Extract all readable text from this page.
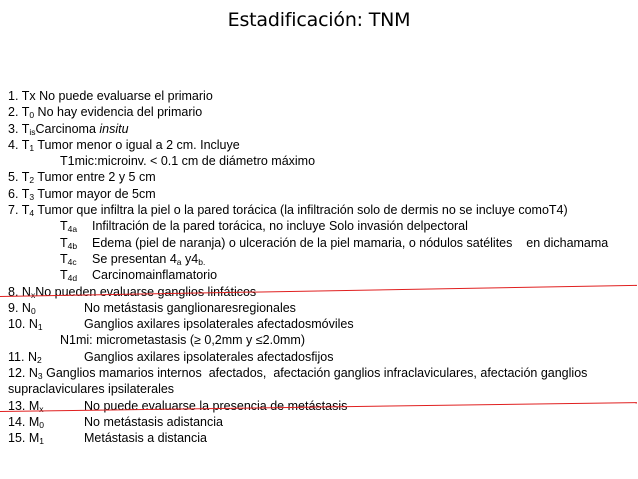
Estadificación: TNM
1. Tx No puede evaluarse el primario
2. $T_0$ No hay evidencia del primario
3. $T_{is}Carcinoma$ insitu
4. $T_1$ Tumor menor o igual a 2 cm. Incluye
T1mic:microinv. < 0.1 cm de diámetro máximo
5. $T_2$ Tumor entre 2 y 5 cm
6. $T_3$ Tumor mayor de 5cm
7. $T_4$ Tumor que infiltra la piel o la pared torácica (la infiltración solo de dermis no se incluye comoT4)
$T_{4a}$ Infiltración de la pared torácica, no incluye Solo invasión delpectoral
$T_{4b}$ Edema (piel de naranja) o ulceración de la piel mamaria, o nódulos satélites    en dichamama
$T_{4c}$ Se presentan $4_a$ $y4_{b.}$
$T_{4d}$ Carcinomainflamatorio
8. $N_xNo$ pueden evaluarse ganglios linfáticos
9. $N_0$	No metástasis ganglionaresregionales
10. $N_1$	Ganglios axilares ipsolaterales afectadosmóviles
N1mi: micrometastasis (≥ 0,2mm y ≤2.0mm)
11. $N_2$	Ganglios axilares ipsolaterales afectadosfijos
12. $N_3$ Ganglios mamarios internos  afectados,  afectación ganglios infraclaviculares, afectación ganglios
supraclaviculares ipsilaterales
13. $M_x$	No puede evaluarse la presencia de metástasis
14. $M_0$	No metástasis adistancia
15. $M_1$	Metástasis a distancia
